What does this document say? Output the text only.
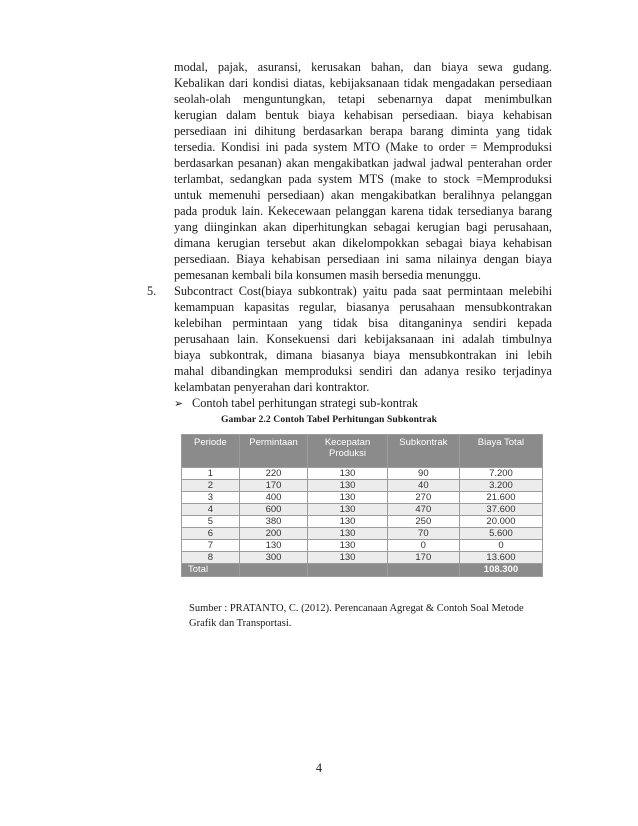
modal, pajak, asuransi, kerusakan bahan, dan biaya sewa gudang.
Kebalikan dari kondisi diatas, kebijaksanaan tidak mengadakan persediaan
seolah-olah menguntungkan, tetapi sebenarnya dapat menimbulkan
kerugian dalam bentuk biaya kehabisan persediaan. biaya kehabisan
persediaan ini dihitung berdasarkan berapa barang diminta yang tidak
tersedia. Kondisi ini pada system MTO (Make to order = Memproduksi
berdasarkan pesanan) akan mengakibatkan jadwal jadwal penterahan order
terlambat, sedangkan pada system MTS (make to stock =Memproduksi
untuk memenuhi persediaan) akan mengakibatkan beralihnya pelanggan
pada produk lain. Kekecewaan pelanggan karena tidak tersedianya barang
yang diinginkan akan diperhitungkan sebagai kerugian bagi perusahaan,
dimana kerugian tersebut akan dikelompokkan sebagai biaya kehabisan
persediaan. Biaya kehabisan persediaan ini sama nilainya dengan biaya
pemesanan kembali bila konsumen masih bersedia menunggu.
5. Subcontract Cost(biaya subkontrak) yaitu pada saat permintaan melebihi
kemampuan kapasitas regular, biasanya perusahaan mensubkontrakan
kelebihan permintaan yang tidak bisa ditanganinya sendiri kepada
perusahaan lain. Konsekuensi dari kebijaksanaan ini adalah timbulnya
biaya subkontrak, dimana biasanya biaya mensubkontrakan ini lebih
mahal dibandingkan memproduksi sendiri dan adanya resiko terjadinya
kelambatan penyerahan dari kontraktor.
➢ Contoh tabel perhitungan strategi sub-kontrak
Gambar 2.2 Contoh Tabel Perhitungan Subkontrak
Periode	Permintaan	Kecepatan Produksi	Subkontrak	Biaya Total
1	220	130	90	7.200
2	170	130	40	3.200
3	400	130	270	21.600
4	600	130	470	37.600
5	380	130	250	20.000
6	200	130	70	5.600
7	130	130	0	0
8	300	130	170	13.600
Total				108.300
Sumber : PRATANTO, C. (2012). Perencanaan Agregat & Contoh Soal Metode
Grafik dan Transportasi.
4
